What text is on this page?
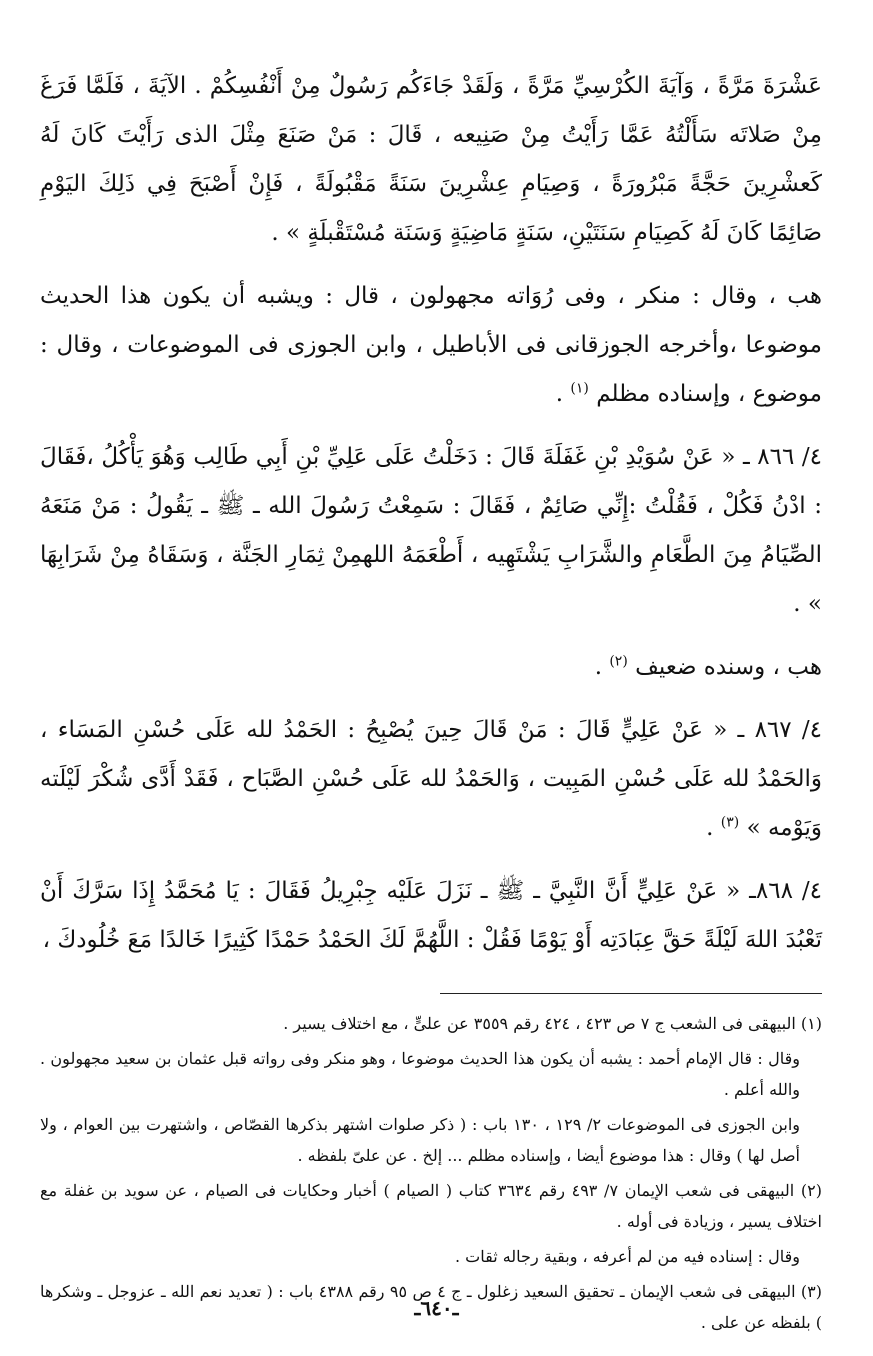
عَشْرَةَ مَرَّةً ، وَآيَةَ الكُرْسِيِّ مَرَّةً ، وَلَقَدْ جَاءَكُم رَسُولٌ مِنْ أَنْفُسِكُمْ . الآيَةَ ، فَلَمَّا فَرَغَ مِنْ صَلاتَه سَأَلْتُهُ عَمَّا رَأَيْتُ مِنْ صَنِيعه ، قَالَ : مَنْ صَنَعَ مِثْلَ الذى رَأَيْتَ كَانَ لَهُ كَعشْرِينَ حَجَّةً مَبْرُورَةً ، وَصِيَامِ عِشْرِينَ سَنَةً مَقْبُولَةً ، فَإِنْ أَصْبَحَ فِي ذَلِكَ اليَوْمِ صَائِمًا كَانَ لَهُ كَصِيَامِ سَنَتَيْنِ، سَنَةٍ مَاضِيَةٍ وَسَنَة مُسْتَقْبلَةٍ » .

هب ، وقال : منكر ، وفى رُوَاته مجهولون ، قال : ويشبه أن يكون هذا الحديث موضوعا ،وأخرجه الجوزقانى فى الأباطيل ، وابن الجوزى فى الموضوعات ، وقال : موضوع ، وإسناده مظلم $^{(١)}$ .

٤/ ٨٦٦ ـ « عَنْ سُوَيْدِ بْنِ غَفَلَةَ قَالَ : دَخَلْتُ عَلَى عَلِيِّ بْنِ أَبِي طَالِب وَهُوَ يَأْكُلُ ،فَقَالَ : ادْنُ فَكُلْ ، فَقُلْتُ :إِنِّي صَائِمٌ ، فَقَالَ : سَمِعْتُ رَسُولَ الله ـ ﷺ ـ يَقُولُ : مَنْ مَنَعَهُ الصِّيَامُ مِنَ الطَّعَامِ والشَّرَابِ يَشْتَهِيه ، أَطْعَمَهُ اللهمِنْ ثِمَارِ الجَنَّة ، وَسَقَاهُ مِنْ شَرَابِهَا » .

هب ، وسنده ضعيف $^{(٢)}$ .

٤/ ٨٦٧ ـ « عَنْ عَلِيٍّ قَالَ : مَنْ قَالَ حِينَ يُصْبِحُ : الحَمْدُ لله عَلَى حُسْنِ المَسَاء ، وَالحَمْدُ لله عَلَى حُسْنِ المَبِيت ، وَالحَمْدُ لله عَلَى حُسْنِ الصَّبَاح ، فَقَدْ أَدَّى شُكْرَ لَيْلَته وَيَوْمه » $^{(٣)}$ .

٤/ ٨٦٨ـ « عَنْ عَلِيٍّ أَنَّ النَّبِيَّ ـ ﷺ ـ نَزَلَ عَلَيْه جِبْرِيلُ فَقَالَ : يَا مُحَمَّدُ إِذَا سَرَّكَ أَنْ تَعْبُدَ اللهَ لَيْلَةً حَقَّ عِبَادَتِه أَوْ يَوْمًا فَقُلْ : اللَّهُمَّ لَكَ الحَمْدُ حَمْدًا كَثِيرًا خَالدًا مَعَ خُلُودكَ ،

(١) البيهقى فى الشعب ج ٧ ص ٤٢٣ ، ٤٢٤ رقم ٣٥٥٩ عن علىٍّ ، مع اختلاف يسير .

وقال : قال الإمام أحمد : يشبه أن يكون هذا الحديث موضوعا ، وهو منكر وفى رواته قبل عثمان بن سعيد مجهولون . والله أعلم .

وابن الجوزى فى الموضوعات ٢/ ١٢٩ ، ١٣٠ باب : ( ذكر صلوات اشتهر بذكرها القصّاص ، واشتهرت بين العوام ، ولا أصل لها ) وقال : هذا موضوع أيضا ، وإسناده مظلم ... إلخ . عن علىّ بلفظه .

(٢) البيهقى فى شعب الإيمان ٧/ ٤٩٣ رقم ٣٦٣٤ كتاب ( الصيام ) أخبار وحكايات فى الصيام ، عن سويد بن غفلة مع اختلاف يسير ، وزيادة فى أوله .

وقال : إسناده فيه من لم أعرفه ، وبقية رجاله ثقات .

(٣) البيهقى فى شعب الإيمان ـ تحقيق السعيد زغلول ـ ج ٤ ص ٩٥ رقم ٤٣٨٨ باب : ( تعديد نعم الله ـ عزوجل ـ وشكرها ) بلفظه عن على .

ـ٦٤٠ـ
